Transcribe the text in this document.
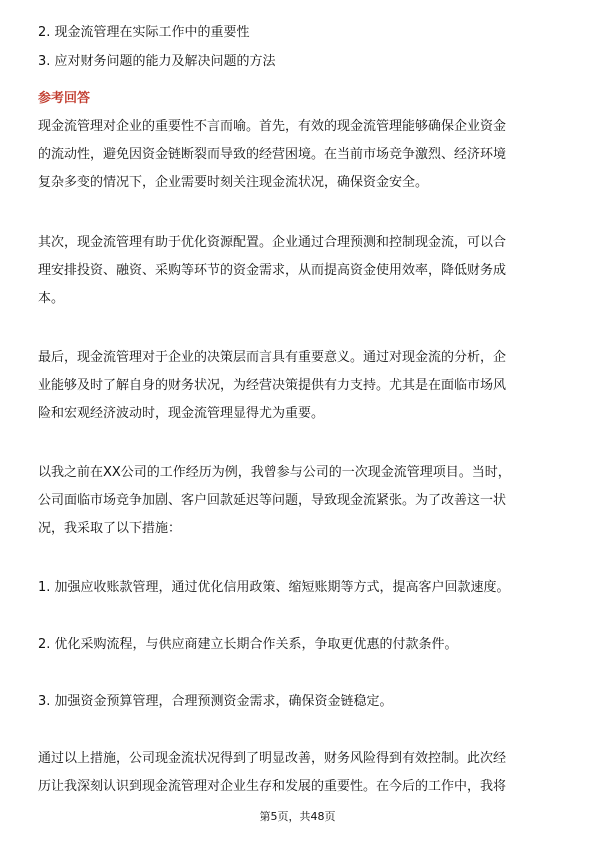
2. 现金流管理在实际工作中的重要性
3. 应对财务问题的能力及解决问题的方法
参考回答
现金流管理对企业的重要性不言而喻。首先，有效的现金流管理能够确保企业资金
的流动性，避免因资金链断裂而导致的经营困境。在当前市场竞争激烈、经济环境
复杂多变的情况下，企业需要时刻关注现金流状况，确保资金安全。
其次，现金流管理有助于优化资源配置。企业通过合理预测和控制现金流，可以合
理安排投资、融资、采购等环节的资金需求，从而提高资金使用效率，降低财务成
本。
最后，现金流管理对于企业的决策层而言具有重要意义。通过对现金流的分析，企
业能够及时了解自身的财务状况，为经营决策提供有力支持。尤其是在面临市场风
险和宏观经济波动时，现金流管理显得尤为重要。
以我之前在XX公司的工作经历为例，我曾参与公司的一次现金流管理项目。当时，
公司面临市场竞争加剧、客户回款延迟等问题，导致现金流紧张。为了改善这一状
况，我采取了以下措施：
1. 加强应收账款管理，通过优化信用政策、缩短账期等方式，提高客户回款速度。
2. 优化采购流程，与供应商建立长期合作关系，争取更优惠的付款条件。
3. 加强资金预算管理，合理预测资金需求，确保资金链稳定。
通过以上措施，公司现金流状况得到了明显改善，财务风险得到有效控制。此次经
历让我深刻认识到现金流管理对企业生存和发展的重要性。在今后的工作中，我将
第5页，共48页
